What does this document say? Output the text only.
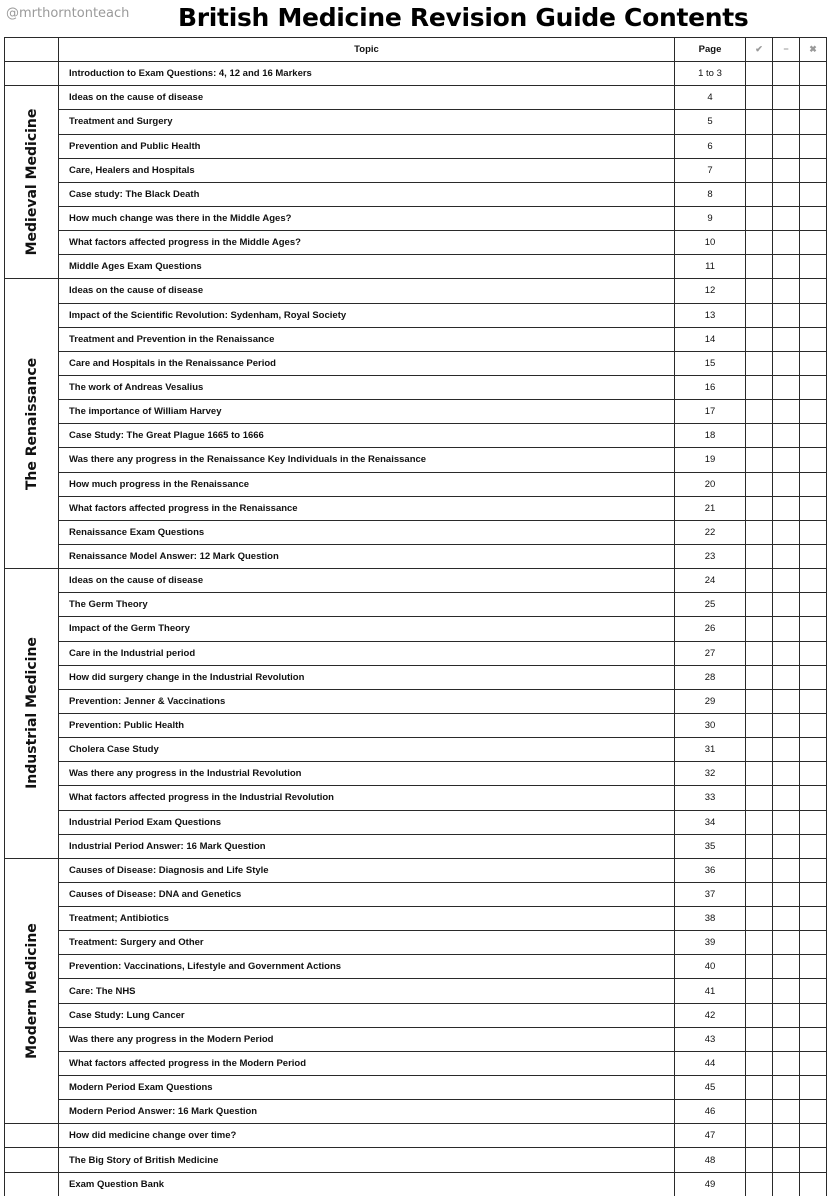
@mrthorntonteach British Medicine Revision Guide Contents
	Topic	Page	✔	−	✖
	Introduction to Exam Questions: 4, 12 and 16 Markers	1 to 3			

Medieval Medicine	Ideas on the cause of disease	4			
	Treatment and Surgery	5			
	Prevention and Public Health	6			
	Care, Healers and Hospitals	7			
	Case study: The Black Death	8			
	How much change was there in the Middle Ages?	9			
	What factors affected progress in the Middle Ages?	10			
	Middle Ages Exam Questions	11			

The Renaissance	Ideas on the cause of disease	12			
	Impact of the Scientific Revolution: Sydenham, Royal Society	13			
	Treatment and Prevention in the Renaissance	14			
	Care and Hospitals in the Renaissance Period	15			
	The work of Andreas Vesalius	16			
	The importance of William Harvey	17			
	Case Study: The Great Plague 1665 to 1666	18			
	Was there any progress in the Renaissance Key Individuals in the Renaissance	19			
	How much progress in the Renaissance	20			
	What factors affected progress in the Renaissance	21			
	Renaissance Exam Questions	22			
	Renaissance Model Answer: 12 Mark Question	23			

Industrial Medicine	Ideas on the cause of disease	24			
	The Germ Theory	25			
	Impact of the Germ Theory	26			
	Care in the Industrial period	27			
	How did surgery change in the Industrial Revolution	28			
	Prevention: Jenner & Vaccinations	29			
	Prevention: Public Health	30			
	Cholera Case Study	31			
	Was there any progress in the Industrial Revolution	32			
	What factors affected progress in the Industrial Revolution	33			
	Industrial Period Exam Questions	34			
	Industrial Period Answer: 16 Mark Question	35			

Modern Medicine	Causes of Disease: Diagnosis and Life Style	36			
	Causes of Disease: DNA and Genetics	37			
	Treatment; Antibiotics	38			
	Treatment: Surgery and Other	39			
	Prevention: Vaccinations, Lifestyle and Government Actions	40			
	Care: The NHS	41			
	Case Study: Lung Cancer	42			
	Was there any progress in the Modern Period	43			
	What factors affected progress in the Modern Period	44			
	Modern Period Exam Questions	45			
	Modern Period Answer: 16 Mark Question	46			
	How did medicine change over time?	47			
	The Big Story of British Medicine	48			
	Exam Question Bank	49			
